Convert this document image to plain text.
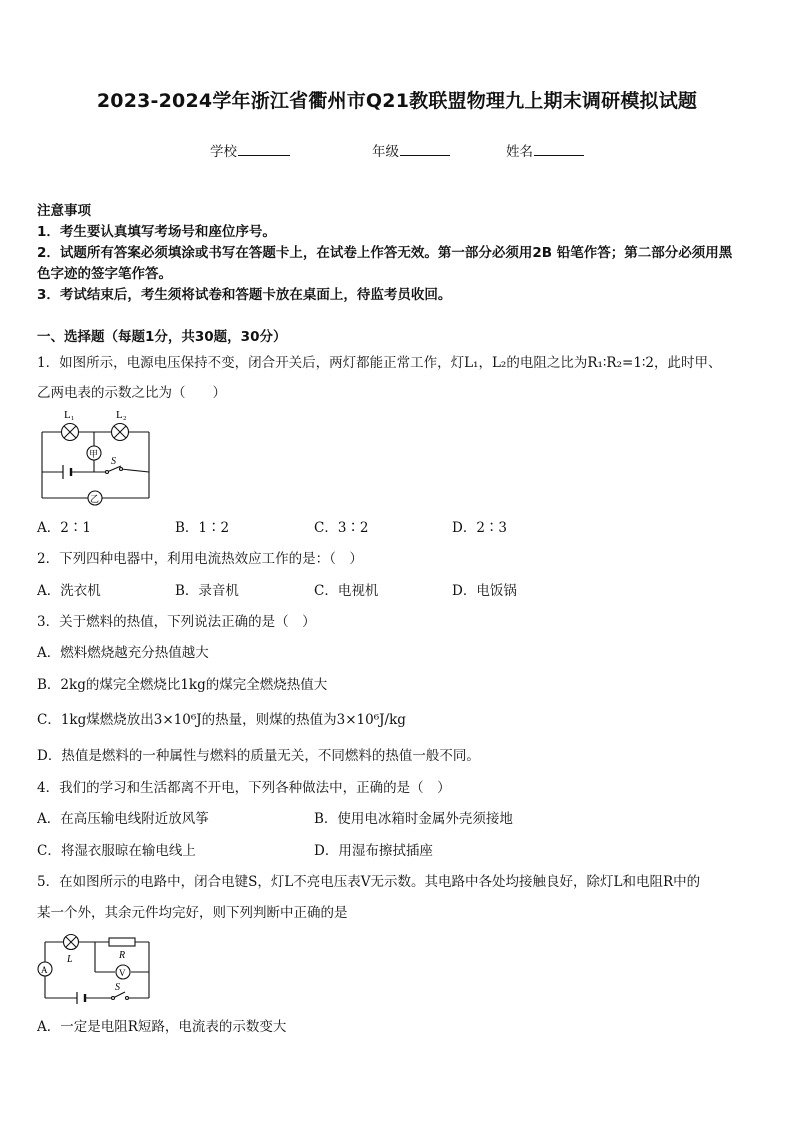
2023-2024学年浙江省衢州市Q21教联盟物理九上期末调研模拟试题
学校	年级	姓名
注意事项
1．考生要认真填写考场号和座位序号。
2．试题所有答案必须填涂或书写在答题卡上，在试卷上作答无效。第一部分必须用2B 铅笔作答；第二部分必须用黑
色字迹的签字笔作答。
3．考试结束后，考生须将试卷和答题卡放在桌面上，待监考员收回。
一、选择题（每题1分，共30题，30分）
1．如图所示，电源电压保持不变，闭合开关后，两灯都能正常工作，灯L₁，L₂的电阻之比为R₁∶R₂=1∶2，此时甲、
乙两电表的示数之比为（　　）
L₁	L₂
甲
S
乙
A．2∶1	B．1∶2	C．3∶2	D．2∶3
2．下列四种电器中，利用电流热效应工作的是：（　）
A．洗衣机	B．录音机	C．电视机	D．电饭锅
3．关于燃料的热值，下列说法正确的是（　）
A．燃料燃烧越充分热值越大
B．2kg的煤完全燃烧比1kg的煤完全燃烧热值大
C．1kg煤燃烧放出3×10⁶J的热量，则煤的热值为3×10⁶J/kg
D．热值是燃料的一种属性与燃料的质量无关，不同燃料的热值一般不同。
4．我们的学习和生活都离不开电，下列各种做法中，正确的是（　）
A．在高压输电线附近放风筝	B．使用电冰箱时金属外壳须接地
C．将湿衣服晾在输电线上	D．用湿布擦拭插座
5．在如图所示的电路中，闭合电键S，灯L不亮电压表V无示数。其电路中各处均接触良好，除灯L和电阻R中的
某一个外，其余元件均完好，则下列判断中正确的是
L	R
A	V
S
A．一定是电阻R短路，电流表的示数变大
